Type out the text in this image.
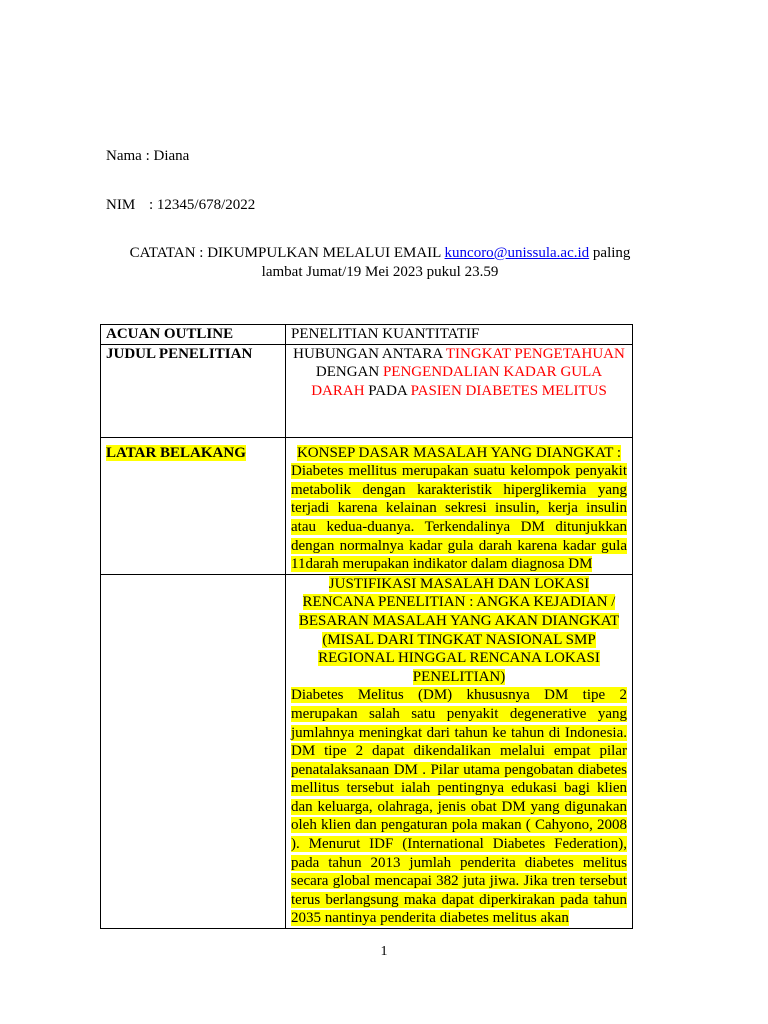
Nama : Diana
NIM : 12345/678/2022
CATATAN : DIKUMPULKAN MELALUI EMAIL kuncoro@unissula.ac.id paling
lambat Jumat/19 Mei 2023 pukul 23.59
ACUAN OUTLINE	PENELITIAN KUANTITATIF
JUDUL PENELITIAN	HUBUNGAN ANTARA TINGKAT PENGETAHUAN DENGAN PENGENDALIAN KADAR GULA DARAH PADA PASIEN DIABETES MELITUS
LATAR BELAKANG	KONSEP DASAR MASALAH YANG DIANGKAT :
Diabetes mellitus merupakan suatu kelompok penyakit metabolik dengan karakteristik hiperglikemia yang terjadi karena kelainan sekresi insulin, kerja insulin atau kedua-duanya. Terkendalinya DM ditunjukkan dengan normalnya kadar gula darah karena kadar gula 11darah merupakan indikator dalam diagnosa DM

	JUSTIFIKASI MASALAH DAN LOKASI RENCANA PENELITIAN : ANGKA KEJADIAN / BESARAN MASALAH YANG AKAN DIANGKAT (MISAL DARI TINGKAT NASIONAL SMP REGIONAL HINGGAL RENCANA LOKASI PENELITIAN)
Diabetes Melitus (DM) khususnya DM tipe 2 merupakan salah satu penyakit degenerative yang jumlahnya meningkat dari tahun ke tahun di Indonesia. DM tipe 2 dapat dikendalikan melalui empat pilar penatalaksanaan DM . Pilar utama pengobatan diabetes mellitus tersebut ialah pentingnya edukasi bagi klien dan keluarga, olahraga, jenis obat DM yang digunakan oleh klien dan pengaturan pola makan ( Cahyono, 2008 ). Menurut IDF (International Diabetes Federation), pada tahun 2013 jumlah penderita diabetes melitus secara global mencapai 382 juta jiwa. Jika tren tersebut terus berlangsung maka dapat diperkirakan pada tahun 2035 nantinya penderita diabetes melitus akan
1
